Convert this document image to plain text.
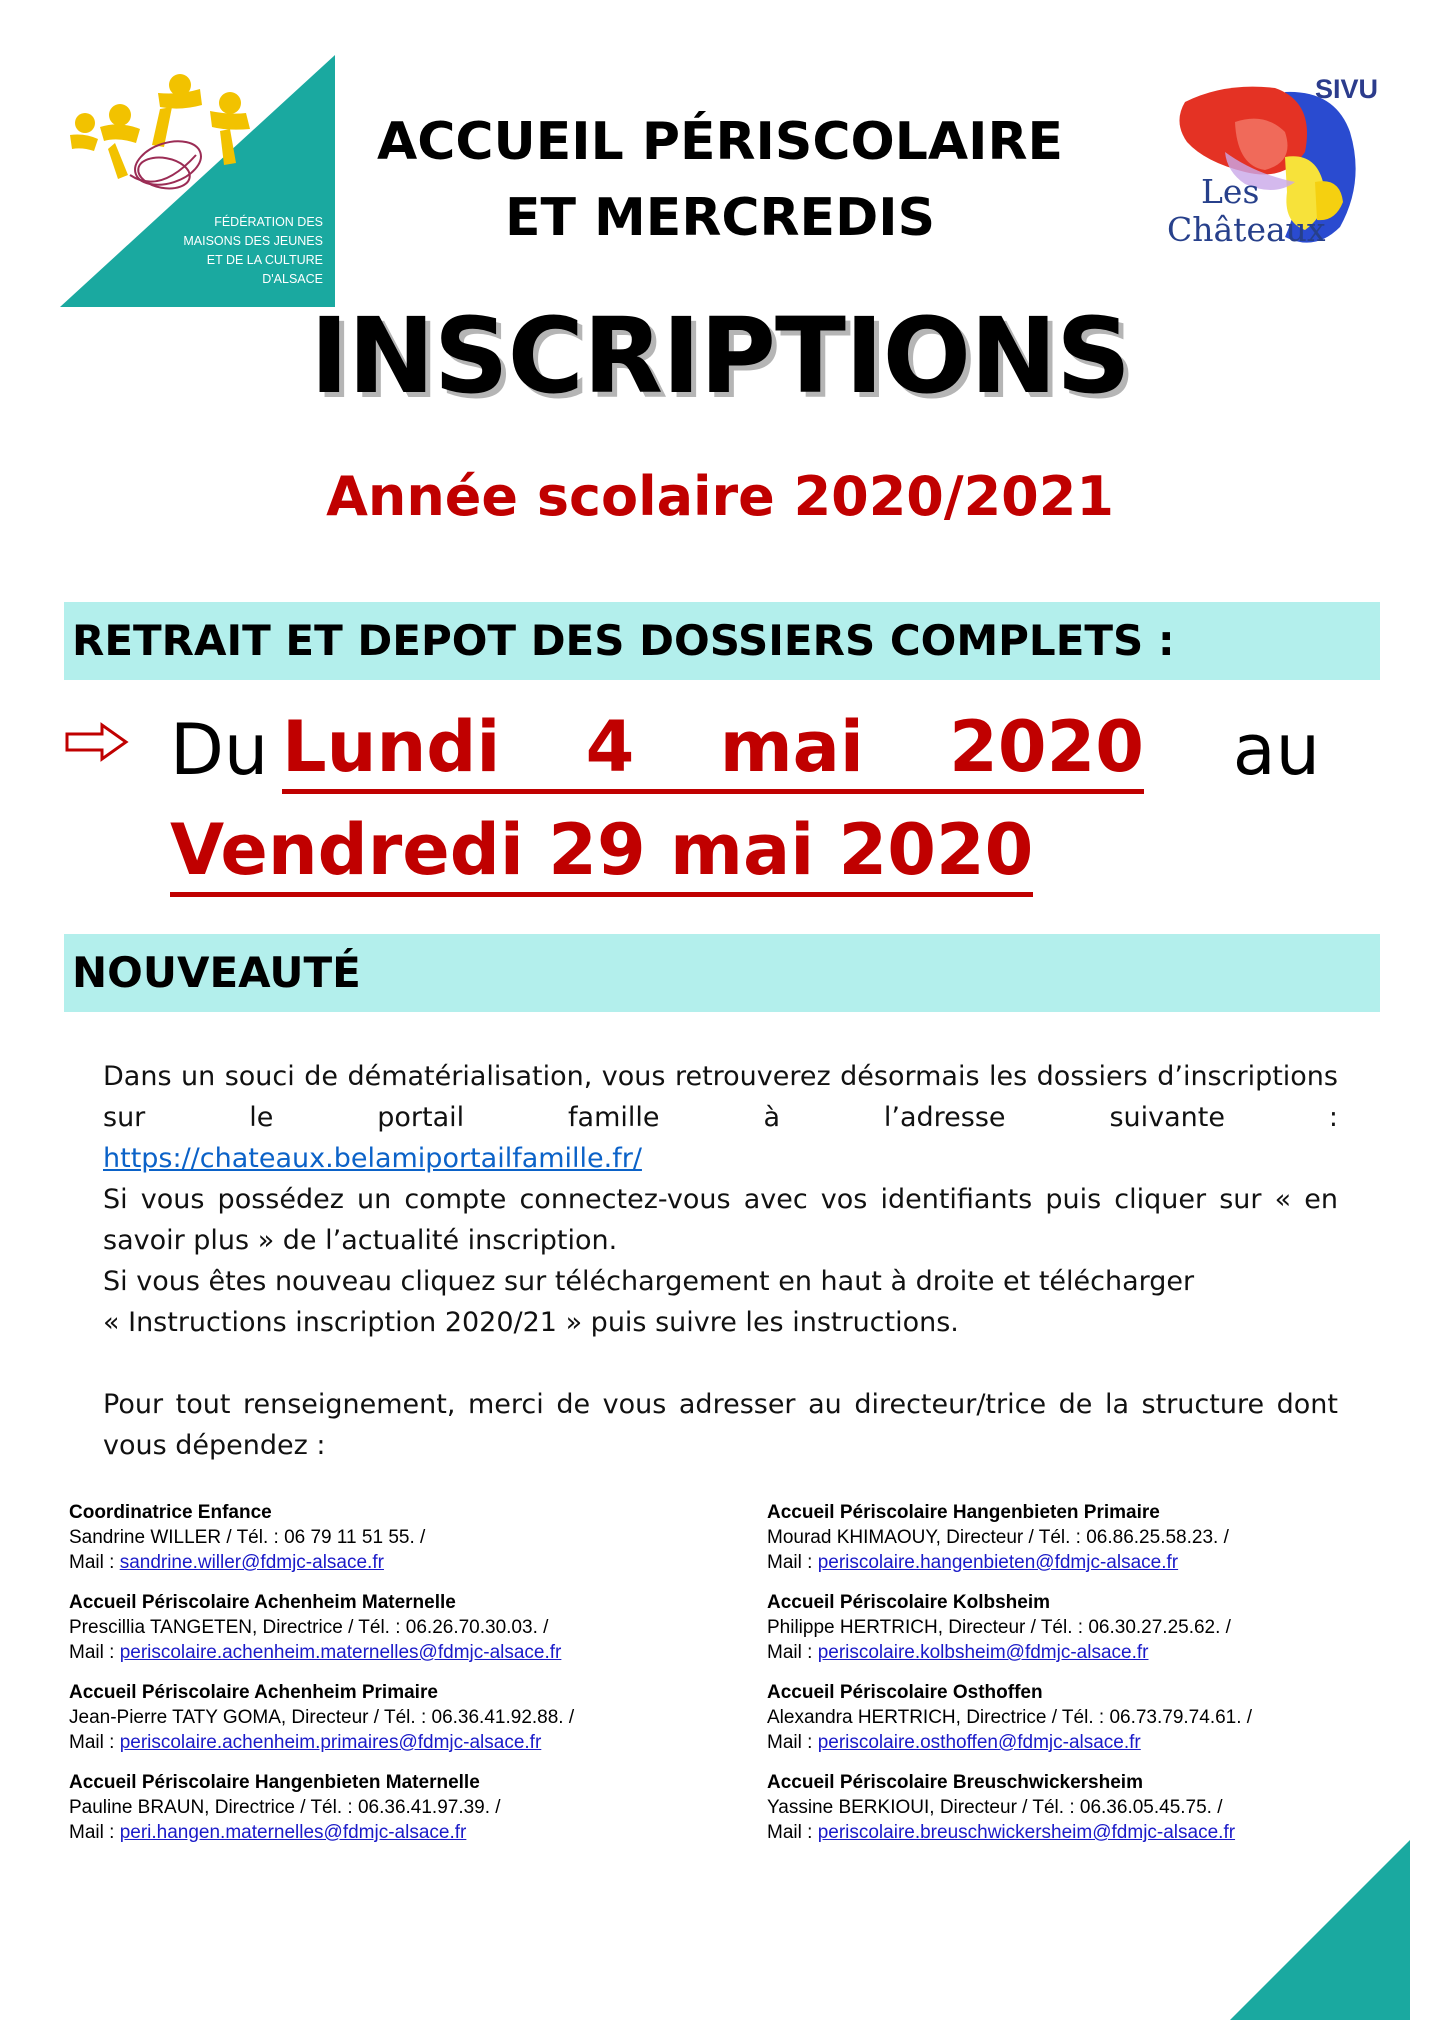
FÉDÉRATION DES
MAISONS DES JEUNES
ET DE LA CULTURE
D'ALSACE
SIVU
Les
Châteaux
ACCUEIL PÉRISCOLAIRE
ET MERCREDIS
INSCRIPTIONS
Année scolaire 2020/2021
RETRAIT ET DEPOT DES DOSSIERS COMPLETS :
Du Lundi 4 mai 2020 au
Vendredi 29 mai 2020
NOUVEAUTÉ

Dans un souci de dématérialisation, vous retrouverez désormais les dossiers d’inscriptions sur le portail famille à l’adresse suivante :

https://chateaux.belamiportailfamille.fr/

Si vous possédez un compte connectez-vous avec vos identifiants puis cliquer sur « en savoir plus » de l’actualité inscription.

Si vous êtes nouveau cliquez sur téléchargement en haut à droite et télécharger

« Instructions inscription 2020/21 » puis suivre les instructions.

Pour tout renseignement, merci de vous adresser au directeur/trice de la structure dont vous dépendez :

Coordinatrice Enfance
Sandrine WILLER / Tél. : 06 79 11 51 55. /
Mail : sandrine.willer@fdmjc-alsace.fr
Accueil Périscolaire Achenheim Maternelle
Prescillia TANGETEN, Directrice / Tél. : 06.26.70.30.03. /
Mail : periscolaire.achenheim.maternelles@fdmjc-alsace.fr
Accueil Périscolaire Achenheim Primaire
Jean-Pierre TATY GOMA, Directeur / Tél. : 06.36.41.92.88. /
Mail : periscolaire.achenheim.primaires@fdmjc-alsace.fr
Accueil Périscolaire Hangenbieten Maternelle
Pauline BRAUN, Directrice / Tél. : 06.36.41.97.39. /
Mail : peri.hangen.maternelles@fdmjc-alsace.fr
Accueil Périscolaire Hangenbieten Primaire
Mourad KHIMAOUY, Directeur / Tél. : 06.86.25.58.23. /
Mail : periscolaire.hangenbieten@fdmjc-alsace.fr
Accueil Périscolaire Kolbsheim
Philippe HERTRICH, Directeur / Tél. : 06.30.27.25.62. /
Mail : periscolaire.kolbsheim@fdmjc-alsace.fr
Accueil Périscolaire Osthoffen
Alexandra HERTRICH, Directrice / Tél. : 06.73.79.74.61. /
Mail : periscolaire.osthoffen@fdmjc-alsace.fr
Accueil Périscolaire Breuschwickersheim
Yassine BERKIOUI, Directeur / Tél. : 06.36.05.45.75. /
Mail : periscolaire.breuschwickersheim@fdmjc-alsace.fr
